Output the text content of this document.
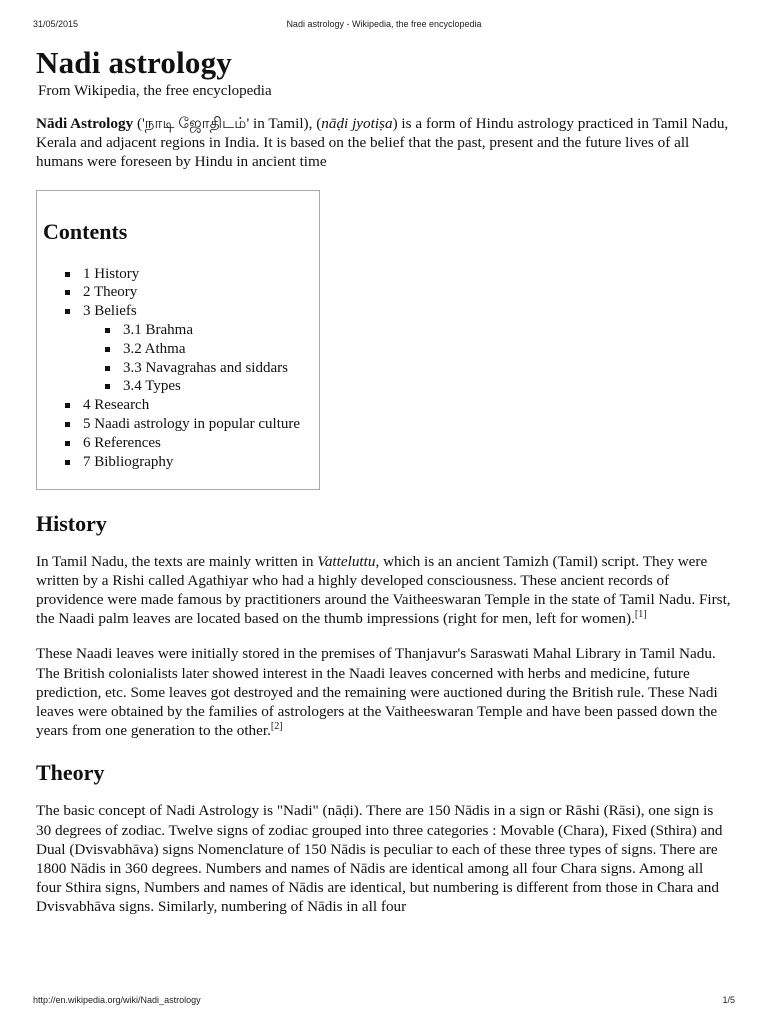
31/05/2015	Nadi astrology - Wikipedia, the free encyclopedia
Nadi astrology
From Wikipedia, the free encyclopedia

Nādi Astrology ('நாடி ஜோதிடம்' in Tamil), (nāḍi jyotiṣa) is a form of Hindu astrology practiced in Tamil Nadu, Kerala and adjacent regions in India. It is based on the belief that the past, present and the future lives of all humans were foreseen by Hindu in ancient time

Contents
1 History
2 Theory
3 Beliefs
3.1 Brahma
3.2 Athma
3.3 Navagrahas and siddars
3.4 Types
4 Research
5 Naadi astrology in popular culture
6 References
7 Bibliography
History

In Tamil Nadu, the texts are mainly written in Vatteluttu, which is an ancient Tamizh (Tamil) script. They were written by a Rishi called Agathiyar who had a highly developed consciousness. These ancient records of providence were made famous by practitioners around the Vaitheeswaran Temple in the state of Tamil Nadu. First, the Naadi palm leaves are located based on the thumb impressions (right for men, left for women).[1]

These Naadi leaves were initially stored in the premises of Thanjavur's Saraswati Mahal Library in Tamil Nadu. The British colonialists later showed interest in the Naadi leaves concerned with herbs and medicine, future prediction, etc. Some leaves got destroyed and the remaining were auctioned during the British rule. These Nadi leaves were obtained by the families of astrologers at the Vaitheeswaran Temple and have been passed down the years from one generation to the other.[2]

Theory

The basic concept of Nadi Astrology is "Nadi" (nāḍi). There are 150 Nādis in a sign or Rāshi (Rāsi), one sign is 30 degrees of zodiac. Twelve signs of zodiac grouped into three categories : Movable (Chara), Fixed (Sthira) and Dual (Dvisvabhāva) signs Nomenclature of 150 Nādis is peculiar to each of these three types of signs. There are 1800 Nādis in 360 degrees. Numbers and names of Nādis are identical among all four Chara signs. Among all four Sthira signs, Numbers and names of Nādis are identical, but numbering is different from those in Chara and Dvisvabhāva signs. Similarly, numbering of Nādis in all four

http://en.wikipedia.org/wiki/Nadi_astrology	1/5
